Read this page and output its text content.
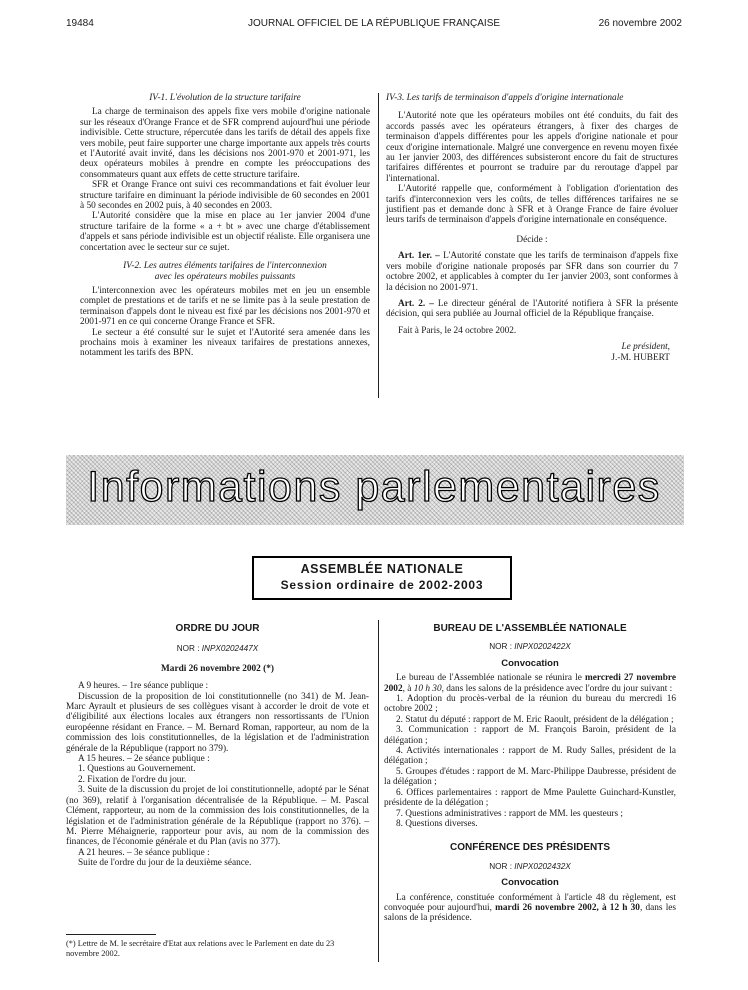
19484	JOURNAL OFFICIEL DE LA RÉPUBLIQUE FRANÇAISE	26 novembre 2002
IV-1. L'évolution de la structure tarifaire

La charge de terminaison des appels fixe vers mobile d'origine nationale sur les réseaux d'Orange France et de SFR comprend aujourd'hui une période indivisible. Cette structure, répercutée dans les tarifs de détail des appels fixe vers mobile, peut faire supporter une charge importante aux appels très courts et l'Autorité avait invité, dans les décisions nos 2001-970 et 2001-971, les deux opérateurs mobiles à prendre en compte les préoccupations des consommateurs quant aux effets de cette structure tarifaire.

SFR et Orange France ont suivi ces recommandations et fait évoluer leur structure tarifaire en diminuant la période indivisible de 60 secondes en 2001 à 50 secondes en 2002 puis, à 40 secondes en 2003.

L'Autorité considère que la mise en place au 1er janvier 2004 d'une structure tarifaire de la forme « a + bt » avec une charge d'établissement d'appels et sans période indivisible est un objectif réaliste. Elle organisera une concertation avec le secteur sur ce sujet.

IV-2. Les autres éléments tarifaires de l'interconnexion
avec les opérateurs mobiles puissants

L'interconnexion avec les opérateurs mobiles met en jeu un ensemble complet de prestations et de tarifs et ne se limite pas à la seule prestation de terminaison d'appels dont le niveau est fixé par les décisions nos 2001-970 et 2001-971 en ce qui concerne Orange France et SFR.

Le secteur a été consulté sur le sujet et l'Autorité sera amenée dans les prochains mois à examiner les niveaux tarifaires de prestations annexes, notamment les tarifs des BPN.

IV-3. Les tarifs de terminaison d'appels d'origine internationale

L'Autorité note que les opérateurs mobiles ont été conduits, du fait des accords passés avec les opérateurs étrangers, à fixer des charges de terminaison d'appels différentes pour les appels d'origine nationale et pour ceux d'origine internationale. Malgré une convergence en revenu moyen fixée au 1er janvier 2003, des différences subsisteront encore du fait de structures tarifaires différentes et pourront se traduire par du reroutage d'appel par l'international.

L'Autorité rappelle que, conformément à l'obligation d'orientation des tarifs d'interconnexion vers les coûts, de telles différences tarifaires ne se justifient pas et demande donc à SFR et à Orange France de faire évoluer leurs tarifs de terminaison d'appels d'origine internationale en conséquence.

Décide :

Art. 1er. – L'Autorité constate que les tarifs de terminaison d'appels fixe vers mobile d'origine nationale proposés par SFR dans son courrier du 7 octobre 2002, et applicables à compter du 1er janvier 2003, sont conformes à la décision no 2001-971.

Art. 2. – Le directeur général de l'Autorité notifiera à SFR la présente décision, qui sera publiée au Journal officiel de la République française.

Fait à Paris, le 24 octobre 2002.

Le président,
J.-M. HUBERT
Informations parlementaires
ASSEMBLÉE NATIONALE
Session ordinaire de 2002-2003
ORDRE DU JOUR
NOR : INPX0202447X
Mardi 26 novembre 2002 (*)

A 9 heures. – 1re séance publique :

Discussion de la proposition de loi constitutionnelle (no 341) de M. Jean-Marc Ayrault et plusieurs de ses collègues visant à accorder le droit de vote et d'éligibilité aux élections locales aux étrangers non ressortissants de l'Union européenne résidant en France. – M. Bernard Roman, rapporteur, au nom de la commission des lois constitutionnelles, de la législation et de l'administration générale de la République (rapport no 379).

A 15 heures. – 2e séance publique :

1. Questions au Gouvernement.

2. Fixation de l'ordre du jour.

3. Suite de la discussion du projet de loi constitutionnelle, adopté par le Sénat (no 369), relatif à l'organisation décentralisée de la République. – M. Pascal Clément, rapporteur, au nom de la commission des lois constitutionnelles, de la législation et de l'administration générale de la République (rapport no 376). – M. Pierre Méhaignerie, rapporteur pour avis, au nom de la commission des finances, de l'économie générale et du Plan (avis no 377).

A 21 heures. – 3e séance publique :

Suite de l'ordre du jour de la deuxième séance.

(*) Lettre de M. le secrétaire d'Etat aux relations avec le Parlement en date du 23 novembre 2002.
BUREAU DE L'ASSEMBLÉE NATIONALE
NOR : INPX0202422X
Convocation

Le bureau de l'Assemblée nationale se réunira le mercredi 27 novembre 2002, à 10 h 30, dans les salons de la présidence avec l'ordre du jour suivant :

1. Adoption du procès-verbal de la réunion du bureau du mercredi 16 octobre 2002 ;

2. Statut du député : rapport de M. Eric Raoult, président de la délégation ;

3. Communication : rapport de M. François Baroin, président de la délégation ;

4. Activités internationales : rapport de M. Rudy Salles, président de la délégation ;

5. Groupes d'études : rapport de M. Marc-Philippe Daubresse, président de la délégation ;

6. Offices parlementaires : rapport de Mme Paulette Guinchard-Kunstler, présidente de la délégation ;

7. Questions administratives : rapport de MM. les questeurs ;

8. Questions diverses.

CONFÉRENCE DES PRÉSIDENTS
NOR : INPX0202432X
Convocation

La conférence, constituée conformément à l'article 48 du règlement, est convoquée pour aujourd'hui, mardi 26 novembre 2002, à 12 h 30, dans les salons de la présidence.
